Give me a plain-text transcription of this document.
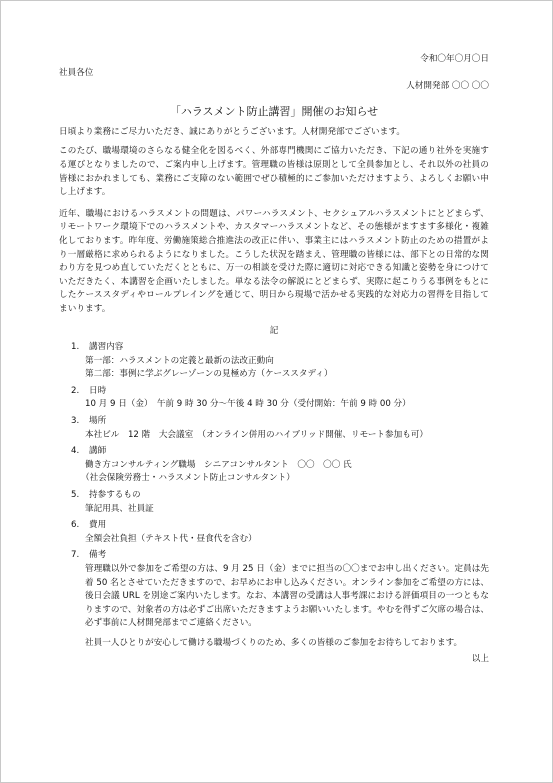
令和〇年〇月〇日
社員各位
人材開発部 〇〇 〇〇
「ハラスメント防止講習」開催のお知らせ
日頃より業務にご尽力いただき、誠にありがとうございます。人材開発部でございます。
このたび、職場環境のさらなる健全化を図るべく、外部専門機関にご協力いただき、下記の通り社外を実施する運びとなりましたので、ご案内申し上げます。管理職の皆様は原則として全員参加とし、それ以外の社員の皆様におかれましても、業務にご支障のない範囲でぜひ積極的にご参加いただけますよう、よろしくお願い申し上げます。
近年、職場におけるハラスメントの問題は、パワーハラスメント、セクシュアルハラスメントにとどまらず、リモートワーク環境下でのハラスメントや、カスタマーハラスメントなど、その態様がますます多様化・複雑化しております。昨年度、労働施策総合推進法の改正に伴い、事業主にはハラスメント防止のための措置がより一層厳格に求められるようになりました。こうした状況を踏まえ、管理職の皆様には、部下との日常的な関わり方を見つめ直していただくとともに、万一の相談を受けた際に適切に対応できる知識と姿勢を身につけていただきたく、本講習を企画いたしました。単なる法令の解説にとどまらず、実際に起こりうる事例をもとにしたケーススタディやロールプレイングを通じて、明日から現場で活かせる実践的な対応力の習得を目指してまいります。
記
1.	講習内容
第一部：ハラスメントの定義と最新の法改正動向
第二部：事例に学ぶグレーゾーンの見極め方（ケーススタディ）
2.	日時
10 月 9 日（金）　午前 9 時 30 分〜午後 4 時 30 分（受付開始：午前 9 時 00 分）
3.	場所
本社ビル　12 階　大会議室　（オンライン併用のハイブリッド開催、リモート参加も可）
4.	講師
働き方コンサルティング職場　シニアコンサルタント　〇〇　〇〇 氏
（社会保険労務士・ハラスメント防止コンサルタント）
5.	持参するもの
筆記用具、社員証
6.	費用
全額会社負担（テキスト代・昼食代を含む）
7.	備考
管理職以外で参加をご希望の方は、9 月 25 日（金）までに担当の〇〇までお申し出ください。定員は先着 50 名とさせていただきますので、お早めにお申し込みください。オンライン参加をご希望の方には、後日会議 URL を別途ご案内いたします。なお、本講習の受講は人事考課における評価項目の一つともなりますので、対象者の方は必ずご出席いただきますようお願いいたします。やむを得ずご欠席の場合は、必ず事前に人材開発部までご連絡ください。
社員一人ひとりが安心して働ける職場づくりのため、多くの皆様のご参加をお待ちしております。
以上
